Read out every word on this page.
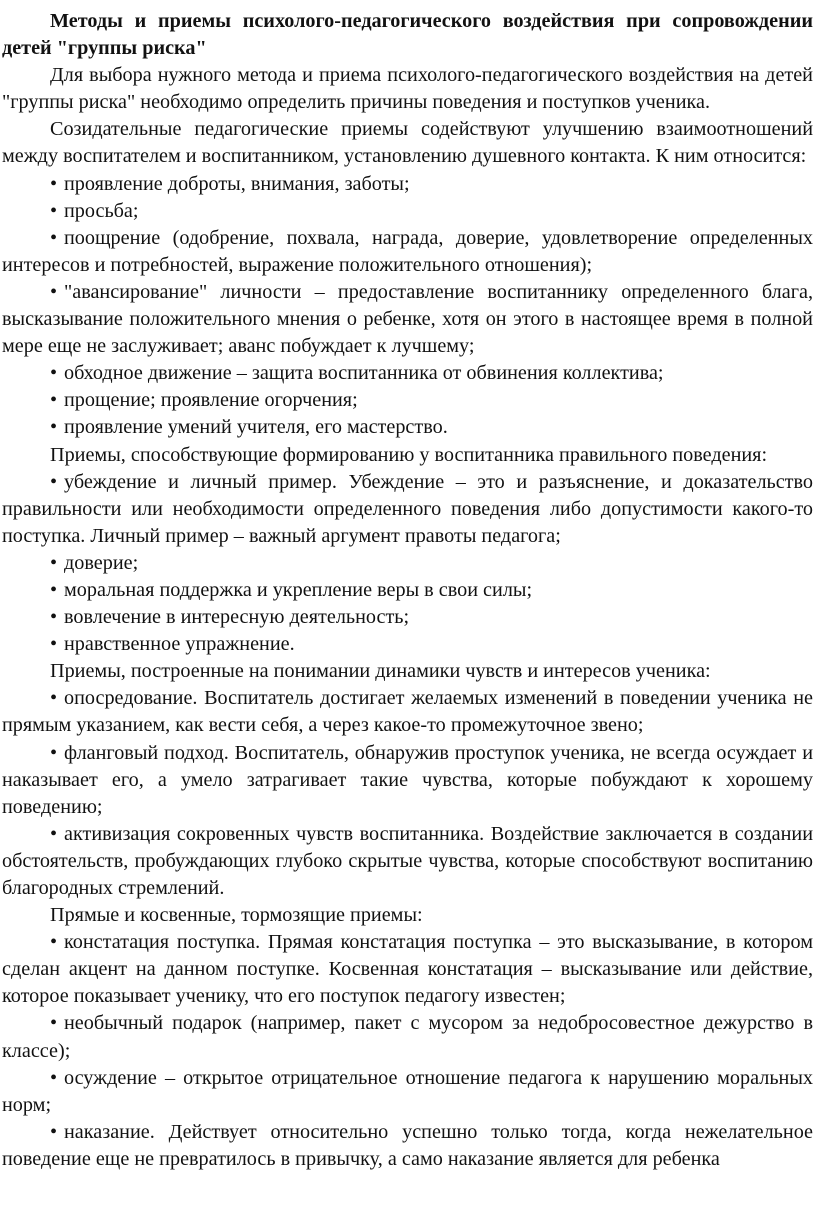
Методы и приемы психолого-педагогического воздействия при сопровождении детей "группы риска"

Для выбора нужного метода и приема психолого-педагогического воздействия на детей "группы риска" необходимо определить причины поведения и поступков ученика.

Созидательные педагогические приемы содействуют улучшению взаимоотношений между воспитателем и воспитанником, установлению душевного контакта. К ним относится:

• проявление доброты, внимания, заботы;

• просьба;

• поощрение (одобрение, похвала, награда, доверие, удовлетворение определенных интересов и потребностей, выражение положительного отношения);

• "авансирование" личности – предоставление воспитаннику определенного блага, высказывание положительного мнения о ребенке, хотя он этого в настоящее время в полной мере еще не заслуживает; аванс побуждает к лучшему;

• обходное движение – защита воспитанника от обвинения коллектива;

• прощение; проявление огорчения;

• проявление умений учителя, его мастерство.

Приемы, способствующие формированию у воспитанника правильного поведения:

• убеждение и личный пример. Убеждение – это и разъяснение, и доказательство правильности или необходимости определенного поведения либо допустимости какого-то поступка. Личный пример – важный аргумент правоты педагога;

• доверие;

• моральная поддержка и укрепление веры в свои силы;

• вовлечение в интересную деятельность;

• нравственное упражнение.

Приемы, построенные на понимании динамики чувств и интересов ученика:

• опосредование. Воспитатель достигает желаемых изменений в поведении ученика не прямым указанием, как вести себя, а через какое-то промежуточное звено;

• фланговый подход. Воспитатель, обнаружив проступок ученика, не всегда осуждает и наказывает его, а умело затрагивает такие чувства, которые побуждают к хорошему поведению;

• активизация сокровенных чувств воспитанника. Воздействие заключается в создании обстоятельств, пробуждающих глубоко скрытые чувства, которые способствуют воспитанию благородных стремлений.

Прямые и косвенные, тормозящие приемы:

• констатация поступка. Прямая констатация поступка – это высказывание, в котором сделан акцент на данном поступке. Косвенная констатация – высказывание или действие, которое показывает ученику, что его поступок педагогу известен;

• необычный подарок (например, пакет с мусором за недобросовестное дежурство в классе);

• осуждение – открытое отрицательное отношение педагога к нарушению моральных норм;

• наказание. Действует относительно успешно только тогда, когда нежелательное поведение еще не превратилось в привычку, а само наказание является для ребенка
